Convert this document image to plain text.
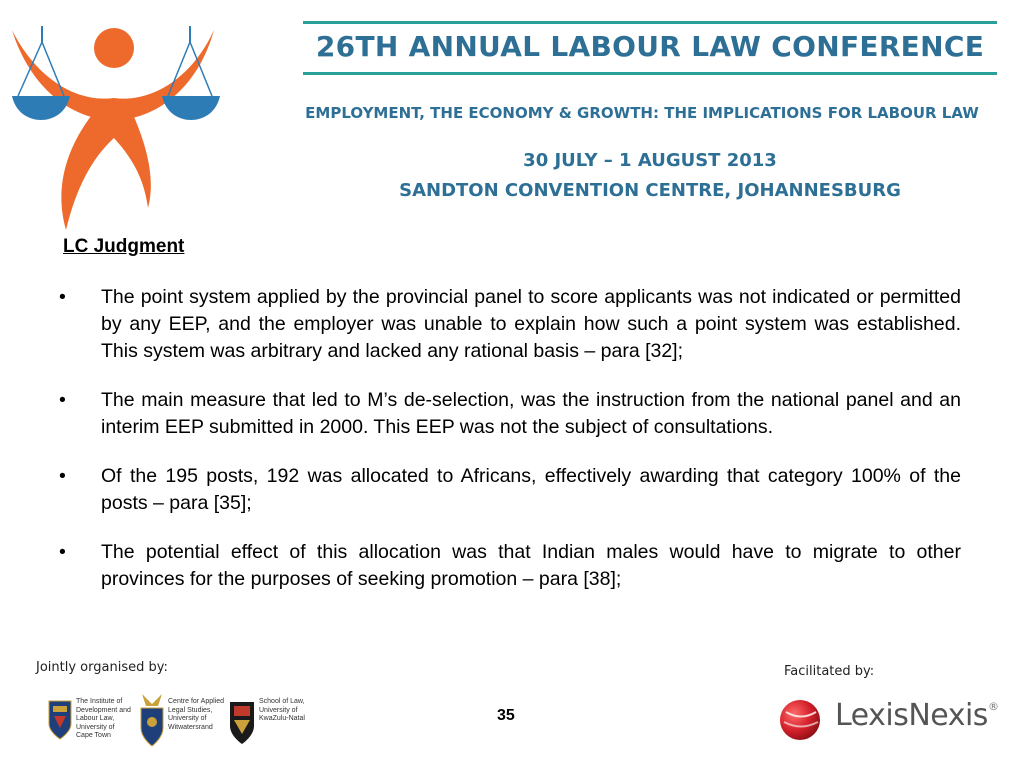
26TH ANNUAL LABOUR LAW CONFERENCE
EMPLOYMENT, THE ECONOMY & GROWTH: THE IMPLICATIONS FOR LABOUR LAW
30 JULY – 1 AUGUST 2013
SANDTON CONVENTION CENTRE, JOHANNESBURG
LC Judgment
• The point system applied by the provincial panel to score applicants was not indicated or permitted by any EEP, and the employer was unable to explain how such a point system was established. This system was arbitrary and lacked any rational basis – para [32];
• The main measure that led to M’s de-selection, was the instruction from the national panel and an interim EEP submitted in 2000. This EEP was not the subject of consultations.
• Of the 195 posts, 192 was allocated to Africans, effectively awarding that category 100% of the posts – para [35];
• The potential effect of this allocation was that Indian males would have to migrate to other provinces for the purposes of seeking promotion – para [38];
Jointly organised by:
The Institute of
Development and
Labour Law,
University of
Cape Town
Centre for Applied
Legal Studies,
University of
Witwatersrand
School of Law,
University of
KwaZulu-Natal	35
Facilitated by:
LexisNexis®
